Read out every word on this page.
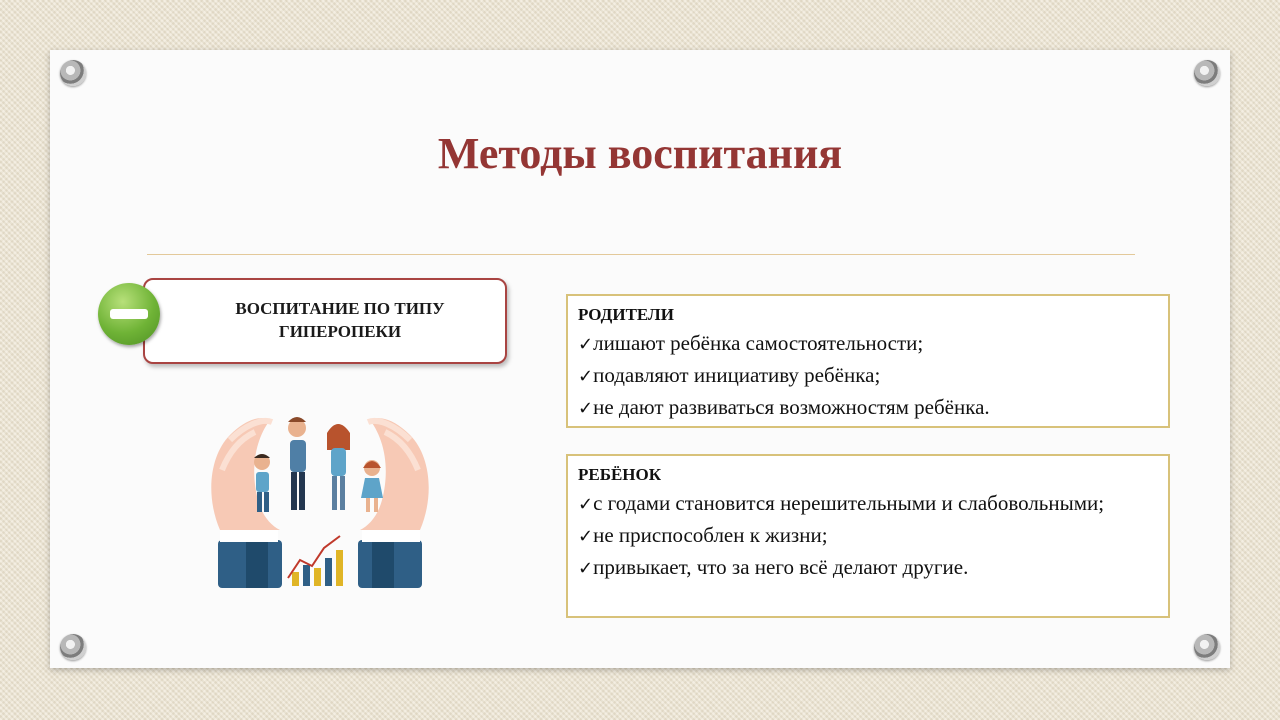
Методы воспитания
ВОСПИТАНИЕ ПО ТИПУ ГИПЕРОПЕКИ
РОДИТЕЛИ
✓ лишают ребёнка самостоятельности;
✓ подавляют инициативу ребёнка;
✓ не дают развиваться возможностям ребёнка.
РЕБЁНОК
✓ с годами становится нерешительными и слабовольными;
✓ не приспособлен к жизни;
✓ привыкает, что за него всё делают другие.
